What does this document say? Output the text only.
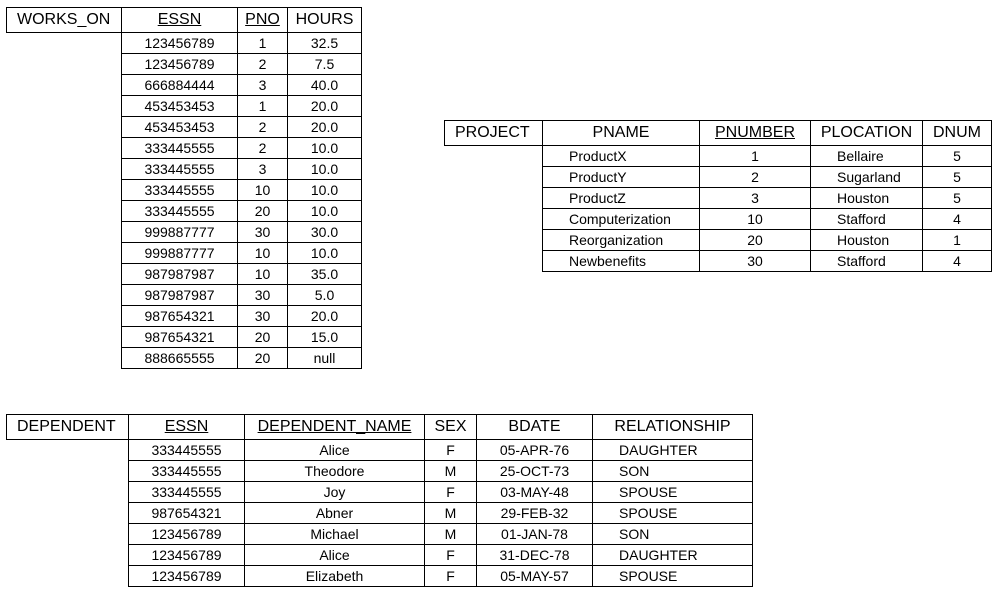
WORKS_ON	ESSN	PNO	HOURS
	123456789	1	32.5
	123456789	2	7.5
	666884444	3	40.0
	453453453	1	20.0
	453453453	2	20.0
	333445555	2	10.0
	333445555	3	10.0
	333445555	10	10.0
	333445555	20	10.0
	999887777	30	30.0
	999887777	10	10.0
	987987987	10	35.0
	987987987	30	5.0
	987654321	30	20.0
	987654321	20	15.0
	888665555	20	null
PROJECT	PNAME	PNUMBER	PLOCATION	DNUM
	ProductX	1	Bellaire	5
	ProductY	2	Sugarland	5
	ProductZ	3	Houston	5
	Computerization	10	Stafford	4
	Reorganization	20	Houston	1
	Newbenefits	30	Stafford	4
DEPENDENT	ESSN	DEPENDENT_NAME	SEX	BDATE	RELATIONSHIP
	333445555	Alice	F	05-APR-76	DAUGHTER
	333445555	Theodore	M	25-OCT-73	SON
	333445555	Joy	F	03-MAY-48	SPOUSE
	987654321	Abner	M	29-FEB-32	SPOUSE
	123456789	Michael	M	01-JAN-78	SON
	123456789	Alice	F	31-DEC-78	DAUGHTER
	123456789	Elizabeth	F	05-MAY-57	SPOUSE
